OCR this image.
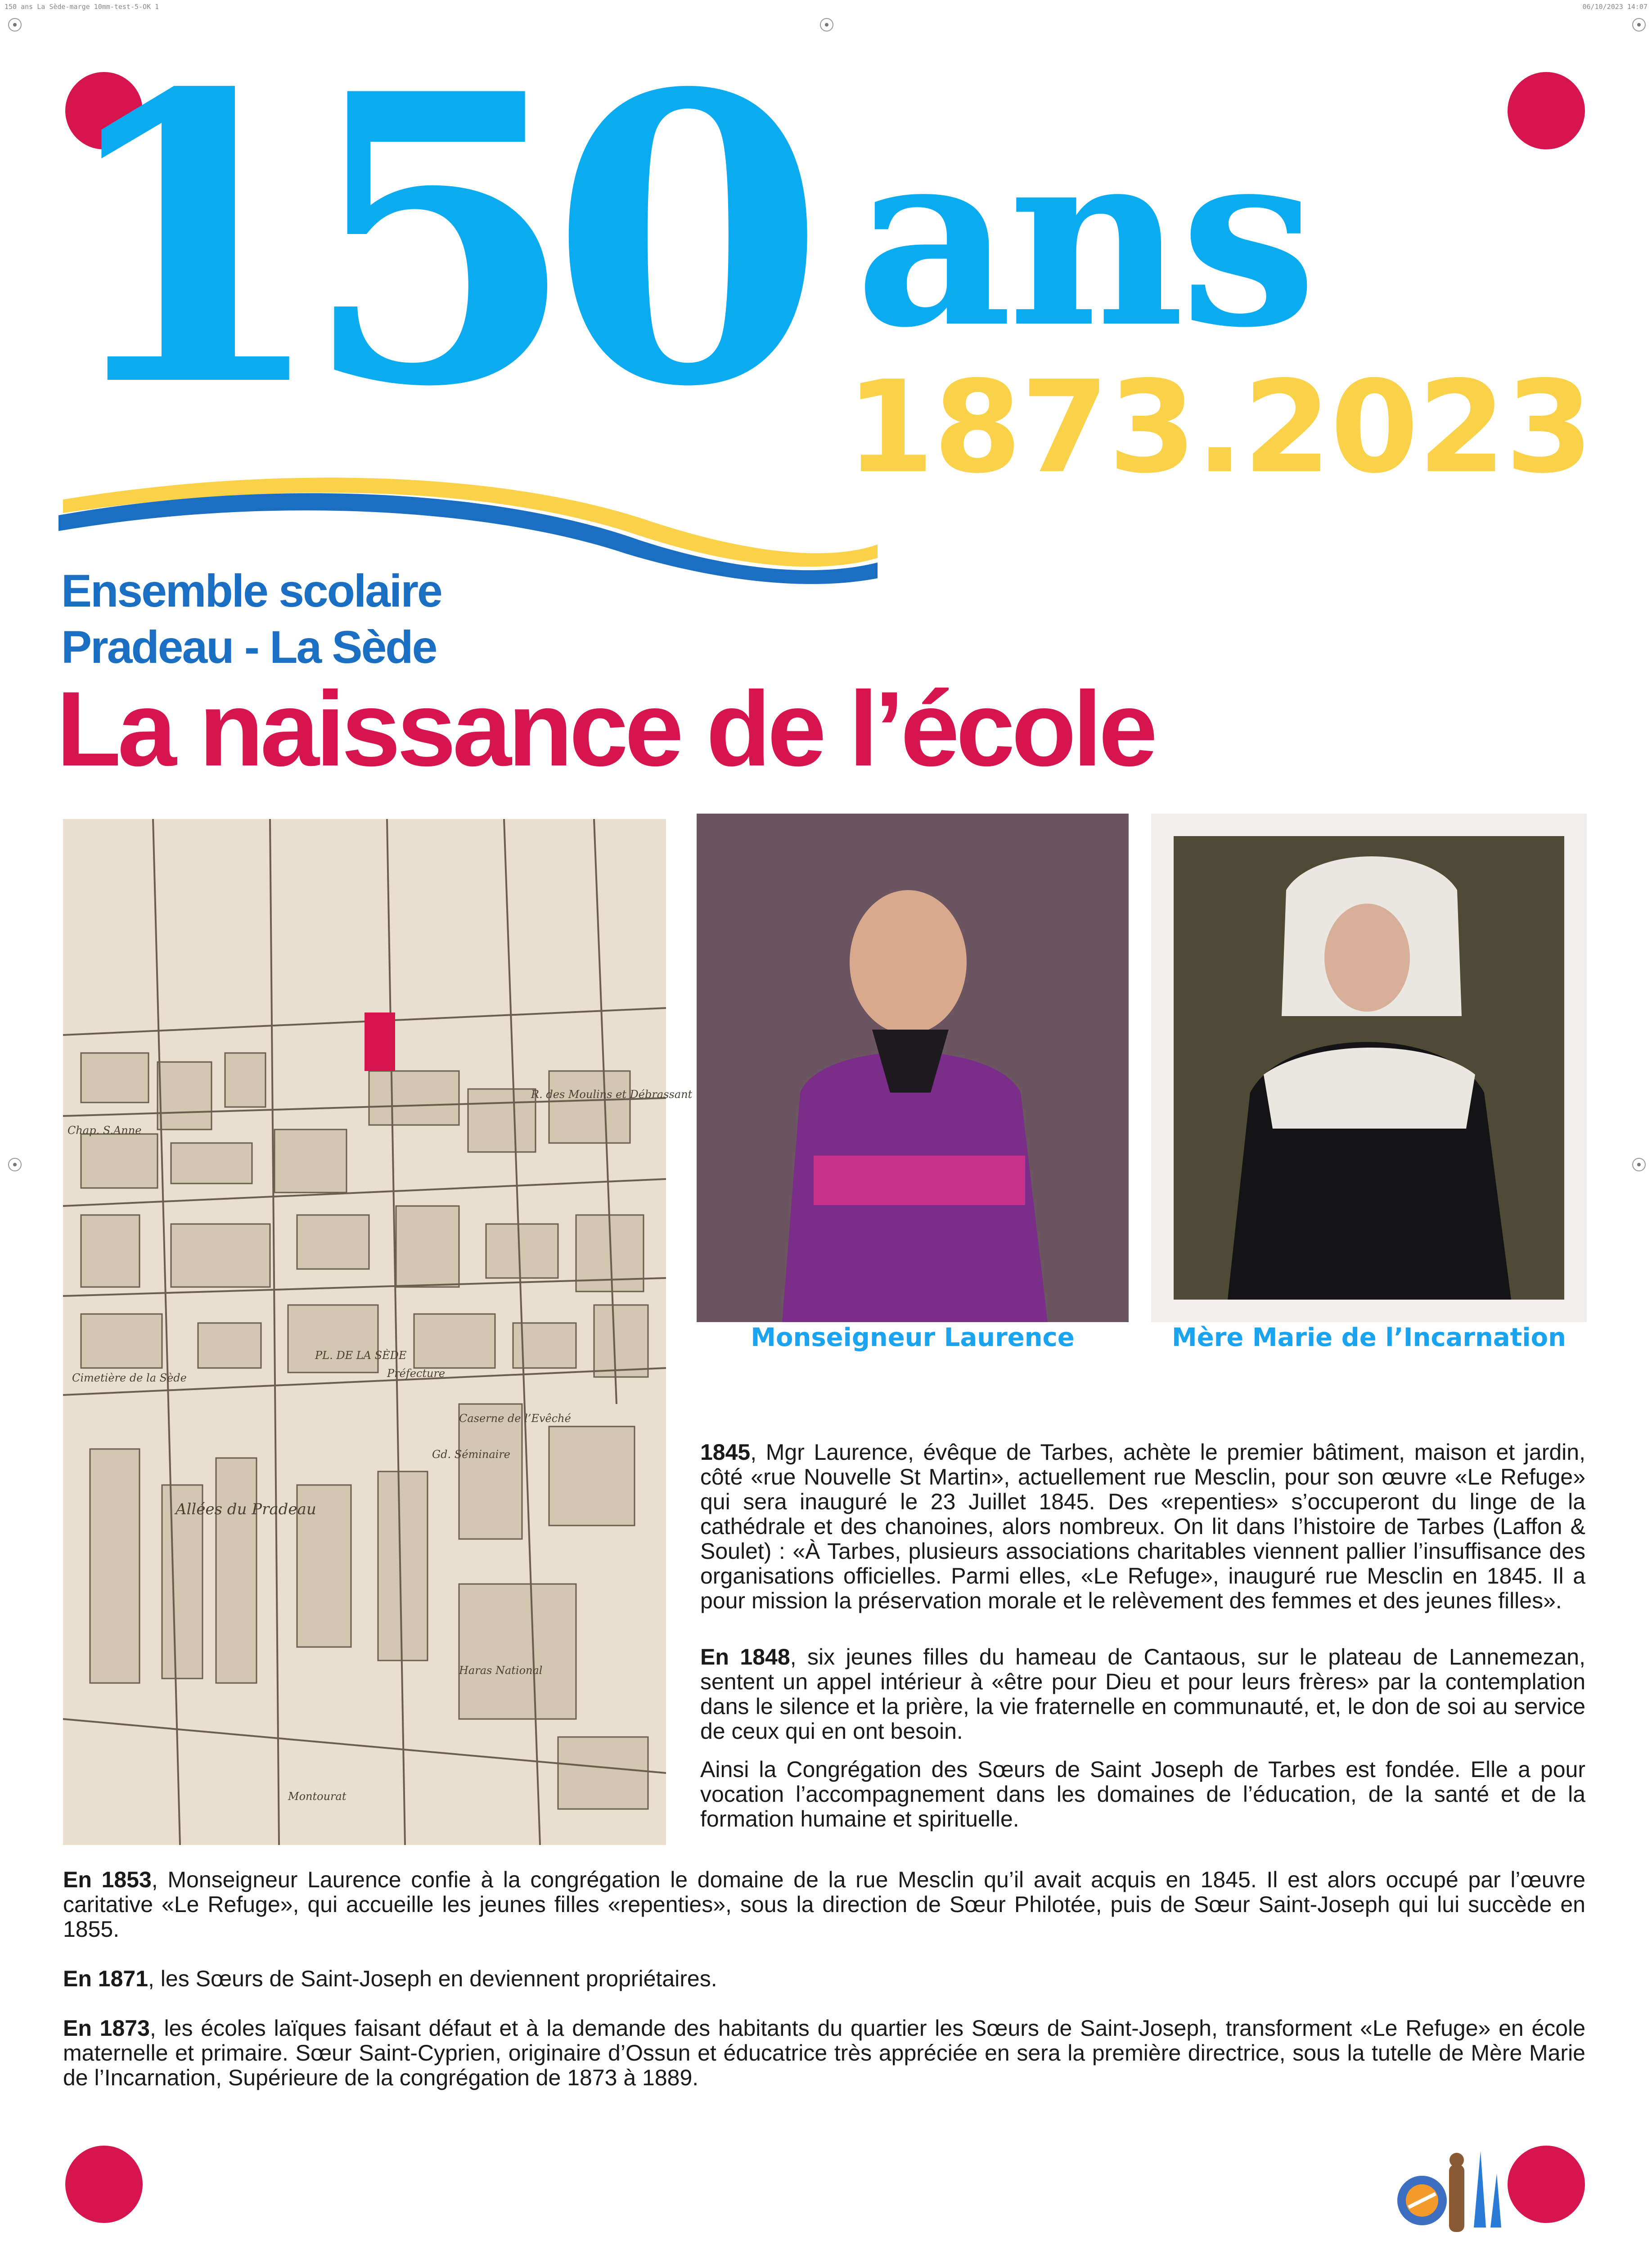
150 ans La Sède-marge 10mm-test-5-OK 1	06/10/2023 14:07
150 ans
1873.2023
Ensemble scolaire
Pradeau - La Sède
La naissance de l’école
R. des Moulins et Débrassant
Chap. S.Anne
PL. DE LA SÈDE
Cimetière de la Sède	Préfecture
Caserne de l’Evêché
Gd. Séminaire
Allées du Pradeau
Haras National
Montourat
Monseigneur Laurence	Mère Marie de l’Incarnation

1845, Mgr Laurence, évêque de Tarbes, achète le premier bâtiment, maison et jardin, côté «rue Nouvelle St Martin», actuellement rue Mesclin, pour son œuvre «Le Refuge» qui sera inauguré le 23 Juillet 1845. Des «repenties» s’occuperont du linge de la cathédrale et des chanoines, alors nombreux. On lit dans l’histoire de Tarbes (Laffon & Soulet) : «À Tarbes, plusieurs associations charitables viennent pallier l’insuffisance des organisations officielles. Parmi elles, «Le Refuge», inauguré rue Mesclin en 1845. Il a pour mission la préservation morale et le relèvement des femmes et des jeunes filles».

En 1848, six jeunes filles du hameau de Cantaous, sur le plateau de Lannemezan, sentent un appel intérieur à «être pour Dieu et pour leurs frères» par la contemplation dans le silence et la prière, la vie fraternelle en communauté, et, le don de soi au service de ceux qui en ont besoin.

Ainsi la Congrégation des Sœurs de Saint Joseph de Tarbes est fondée. Elle a pour vocation l’accompagnement dans les domaines de l’éducation, de la santé et de la formation humaine et spirituelle.

En 1853, Monseigneur Laurence confie à la congrégation le domaine de la rue Mesclin qu’il avait acquis en 1845. Il est alors occupé par l’œuvre caritative «Le Refuge», qui accueille les jeunes filles «repenties», sous la direction de Sœur Philotée, puis de Sœur Saint-Joseph qui lui succède en 1855.

En 1871, les Sœurs de Saint-Joseph en deviennent propriétaires.

En 1873, les écoles laïques faisant défaut et à la demande des habitants du quartier les Sœurs de Saint-Joseph, transforment «Le Refuge» en école maternelle et primaire. Sœur Saint-Cyprien, originaire d’Ossun et éducatrice très appréciée en sera la première directrice, sous la tutelle de Mère Marie de l’Incarnation, Supérieure de la congrégation de 1873 à 1889.
